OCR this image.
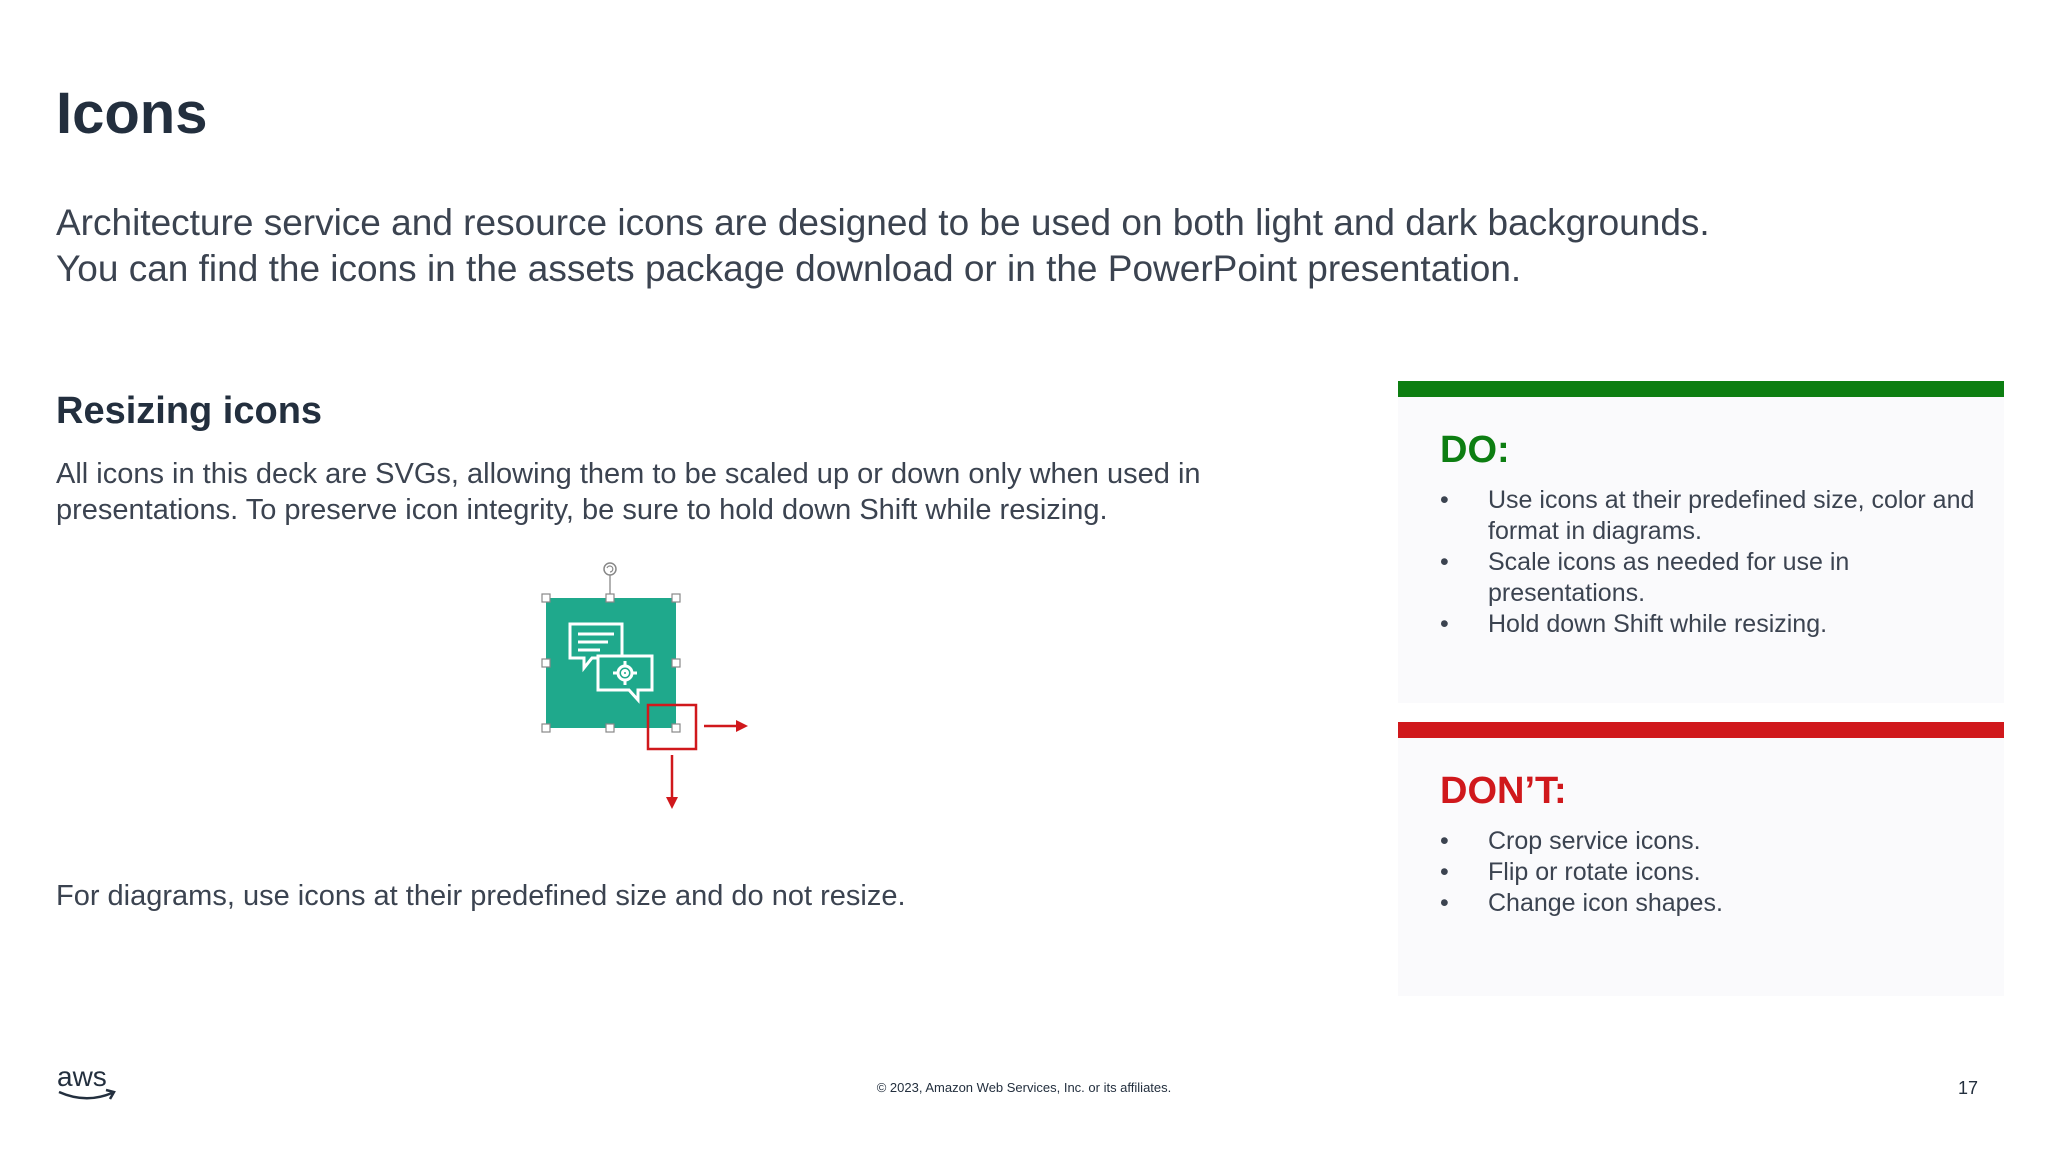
Icons
Architecture service and resource icons are designed to be used on both light and dark backgrounds.
You can find the icons in the assets package download or in the PowerPoint presentation.
Resizing icons
All icons in this deck are SVGs, allowing them to be scaled up or down only when used in
presentations. To preserve icon integrity, be sure to hold down Shift while resizing.
For diagrams, use icons at their predefined size and do not resize.
DO:
• Use icons at their predefined size, color and format in diagrams.
• Scale icons as needed for use in presentations.
• Hold down Shift while resizing.
DON’T:
• Crop service icons.
• Flip or rotate icons.
• Change icon shapes.
aws	© 2023, Amazon Web Services, Inc. or its affiliates.	17
